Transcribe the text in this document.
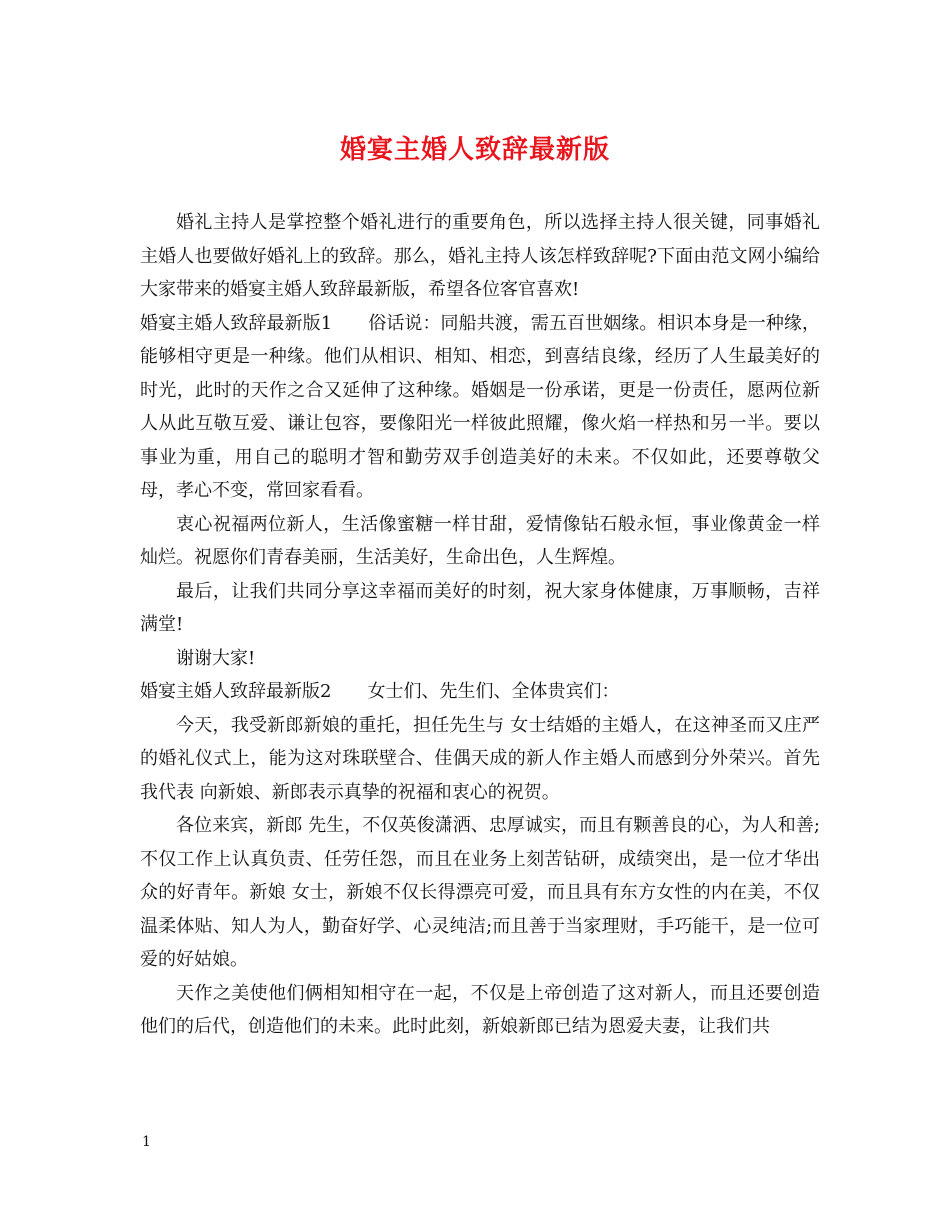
婚宴主婚人致辞最新版

婚礼主持人是掌控整个婚礼进行的重要角色，所以选择主持人很关键，同事婚礼主婚人也要做好婚礼上的致辞。那么，婚礼主持人该怎样致辞呢?下面由范文网小编给大家带来的婚宴主婚人致辞最新版，希望各位客官喜欢!

婚宴主婚人致辞最新版1 俗话说：同船共渡，需五百世姻缘。相识本身是一种缘，能够相守更是一种缘。他们从相识、相知、相恋，到喜结良缘，经历了人生最美好的时光，此时的天作之合又延伸了这种缘。婚姻是一份承诺，更是一份责任，愿两位新人从此互敬互爱、谦让包容，要像阳光一样彼此照耀，像火焰一样热和另一半。要以事业为重，用自己的聪明才智和勤劳双手创造美好的未来。不仅如此，还要尊敬父母，孝心不变，常回家看看。

衷心祝福两位新人，生活像蜜糖一样甘甜，爱情像钻石般永恒，事业像黄金一样灿烂。祝愿你们青春美丽，生活美好，生命出色，人生辉煌。

最后，让我们共同分享这幸福而美好的时刻，祝大家身体健康，万事顺畅，吉祥满堂!

谢谢大家!

婚宴主婚人致辞最新版2 女士们、先生们、全体贵宾们：

今天，我受新郎新娘的重托，担任先生与 女士结婚的主婚人，在这神圣而又庄严的婚礼仪式上，能为这对珠联壁合、佳偶天成的新人作主婚人而感到分外荣兴。首先我代表 向新娘、新郎表示真挚的祝福和衷心的祝贺。

各位来宾，新郎 先生，不仅英俊潇洒、忠厚诚实，而且有颗善良的心，为人和善;不仅工作上认真负责、任劳任怨，而且在业务上刻苦钻研，成绩突出，是一位才华出众的好青年。新娘 女士，新娘不仅长得漂亮可爱，而且具有东方女性的内在美，不仅温柔体贴、知人为人，勤奋好学、心灵纯洁;而且善于当家理财，手巧能干，是一位可爱的好姑娘。

天作之美使他们俩相知相守在一起，不仅是上帝创造了这对新人，而且还要创造他们的后代，创造他们的未来。此时此刻，新娘新郎已结为恩爱夫妻，让我们共

1
